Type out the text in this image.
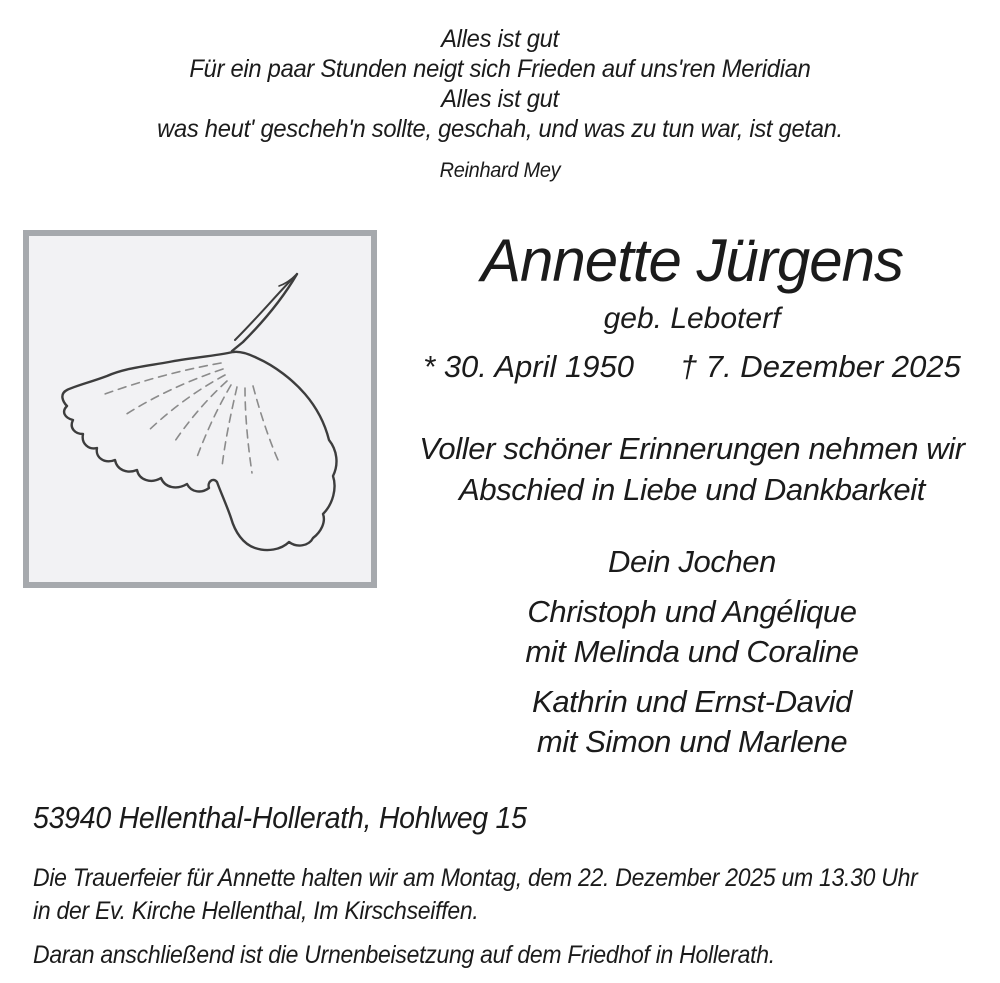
Alles ist gut
Für ein paar Stunden neigt sich Frieden auf uns'ren Meridian
Alles ist gut
was heut' gescheh'n sollte, geschah, und was zu tun war, ist getan.
Reinhard Mey
Annette Jürgens
geb. Leboterf
* 30. April 1950 † 7. Dezember 2025
Voller schöner Erinnerungen nehmen wir
Abschied in Liebe und Dankbarkeit
Dein Jochen
Christoph und Angélique
mit Melinda und Coraline
Kathrin und Ernst-David
mit Simon und Marlene
53940 Hellenthal-Hollerath, Hohlweg 15
Die Trauerfeier für Annette halten wir am Montag, dem 22. Dezember 2025 um 13.30 Uhr
in der Ev. Kirche Hellenthal, Im Kirschseiffen.
Daran anschließend ist die Urnenbeisetzung auf dem Friedhof in Hollerath.
